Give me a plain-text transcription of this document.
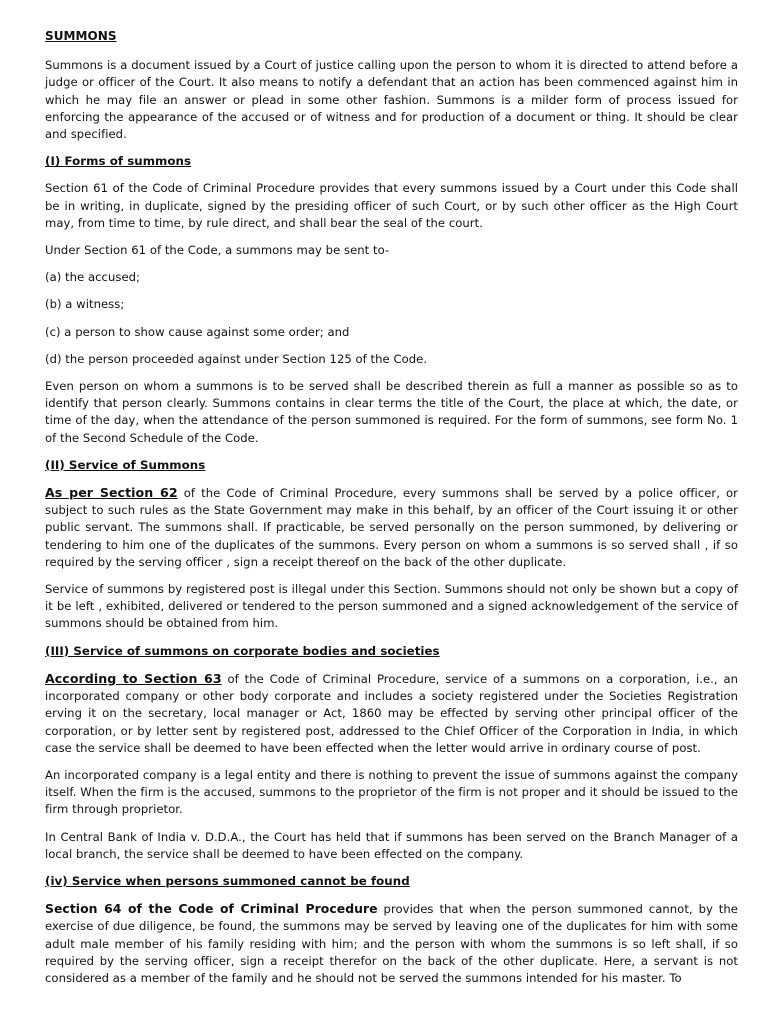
SUMMONS

Summons is a document issued by a Court of justice calling upon the person to whom it is directed to attend before a judge or officer of the Court. It also means to notify a defendant that an action has been commenced against him in which he may file an answer or plead in some other fashion. Summons is a milder form of process issued for enforcing the appearance of the accused or of witness and for production of a document or thing. It should be clear and specified.

(I) Forms of summons

Section 61 of the Code of Criminal Procedure provides that every summons issued by a Court under this Code shall be in writing, in duplicate, signed by the presiding officer of such Court, or by such other officer as the High Court may, from time to time, by rule direct, and shall bear the seal of the court.

Under Section 61 of the Code, a summons may be sent to-

(a) the accused;

(b) a witness;

(c) a person to show cause against some order; and

(d) the person proceeded against under Section 125 of the Code.

Even person on whom a summons is to be served shall be described therein as full a manner as possible so as to identify that person clearly. Summons contains in clear terms the title of the Court, the place at which, the date, or time of the day, when the attendance of the person summoned is required. For the form of summons, see form No. 1 of the Second Schedule of the Code.

(II) Service of Summons

As per Section 62 of the Code of Criminal Procedure, every summons shall be served by a police officer, or subject to such rules as the State Government may make in this behalf, by an officer of the Court issuing it or other public servant. The summons shall. If practicable, be served personally on the person summoned, by delivering or tendering to him one of the duplicates of the summons. Every person on whom a summons is so served shall , if so required by the serving officer , sign a receipt thereof on the back of the other duplicate.

Service of summons by registered post is illegal under this Section. Summons should not only be shown but a copy of it be left , exhibited, delivered or tendered to the person summoned and a signed acknowledgement of the service of summons should be obtained from him.

(III) Service of summons on corporate bodies and societies

According to Section 63 of the Code of Criminal Procedure, service of a summons on a corporation, i.e., an incorporated company or other body corporate and includes a society registered under the Societies Registration erving it on the secretary, local manager or Act, 1860 may be effected by serving other principal officer of the corporation, or by letter sent by registered post, addressed to the Chief Officer of the Corporation in India, in which case the service shall be deemed to have been effected when the letter would arrive in ordinary course of post.

An incorporated company is a legal entity and there is nothing to prevent the issue of summons against the company itself. When the firm is the accused, summons to the proprietor of the firm is not proper and it should be issued to the firm through proprietor.

In Central Bank of India v. D.D.A., the Court has held that if summons has been served on the Branch Manager of a local branch, the service shall be deemed to have been effected on the company.

(iv) Service when persons summoned cannot be found

Section 64 of the Code of Criminal Procedure provides that when the person summoned cannot, by the exercise of due diligence, be found, the summons may be served by leaving one of the duplicates for him with some adult male member of his family residing with him; and the person with whom the summons is so left shall, if so required by the serving officer, sign a receipt therefor on the back of the other duplicate. Here, a servant is not considered as a member of the family and he should not be served the summons intended for his master. To
